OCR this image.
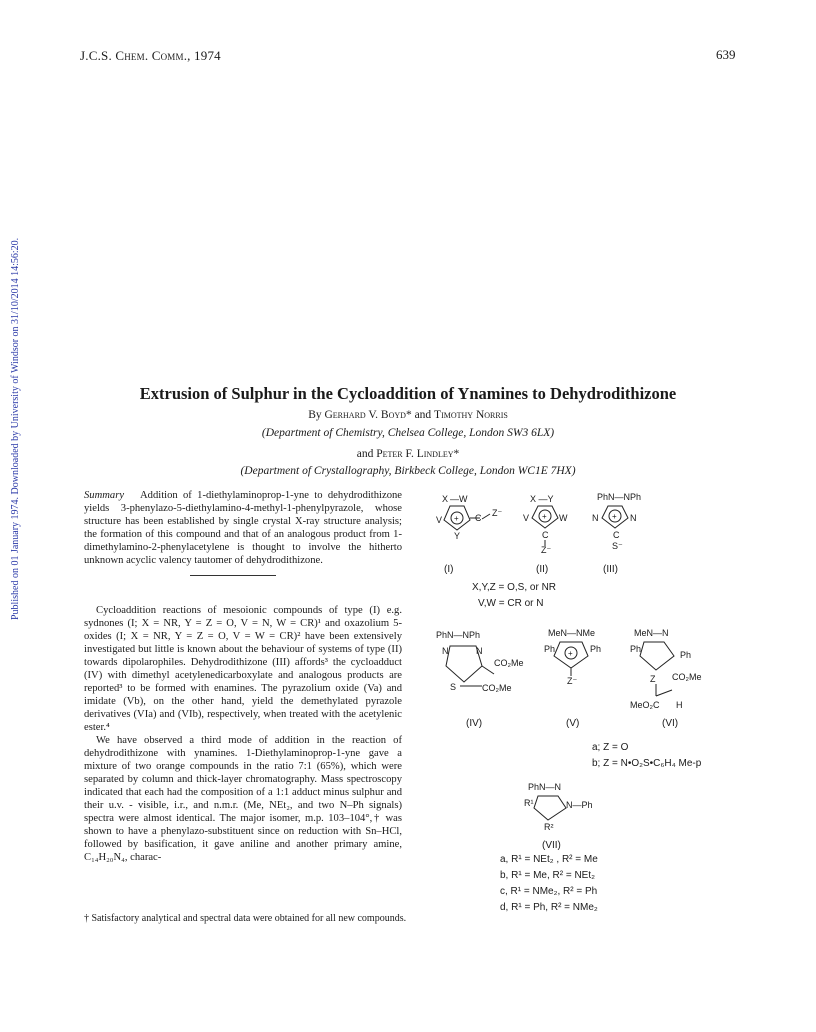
J.C.S. Chem. Comm., 1974	639
Published on 01 January 1974. Downloaded by University of Windsor on 31/10/2014 14:56:20.	Extrusion of Sulphur in the Cycloaddition of Ynamines to Dehydrodithizone
By Gerhard V. Boyd* and Timothy Norris
(Department of Chemistry, Chelsea College, London SW3 6LX)
and Peter F. Lindley*
(Department of Crystallography, Birkbeck College, London WC1E 7HX)

Summary Addition of 1-diethylaminoprop-1-yne to dehydrodithizone yields 3-phenylazo-5-diethylamino-4-methyl-1-phenylpyrazole, whose structure has been established by single crystal X-ray structure analysis; the formation of this compound and that of an analogous product from 1-dimethylamino-2-phenylacetylene is thought to involve the hitherto unknown acyclic valency tautomer of dehydrodithizone.

Cycloaddition reactions of mesoionic compounds of type (I) e.g. sydnones (I; X = NR, Y = Z = O, V = N, W = CR)¹ and oxazolium 5-oxides (I; X = NR, Y = Z = O, V = W = CR)² have been extensively investigated but little is known about the behaviour of systems of type (II) towards dipolarophiles. Dehydrodithizone (III) affords³ the cycloadduct (IV) with dimethyl acetylenedicarboxylate and analogous products are reported³ to be formed with enamines. The pyrazolium oxide (Va) and imidate (Vb), on the other hand, yield the demethylated pyrazole derivatives (VIa) and (VIb), respectively, when treated with the acetylenic ester.⁴

We have observed a third mode of addition in the reaction of dehydrodithizone with ynamines. 1-Diethylaminoprop-1-yne gave a mixture of two orange compounds in the ratio 7:1 (65%), which were separated by column and thick-layer chromatography. Mass spectroscopy indicated that each had the composition of a 1:1 adduct minus sulphur and their u.v. - visible, i.r., and n.m.r. (Me, NEt₂, and two N–Ph signals) spectra were almost identical. The major isomer, m.p. 103–104°,† was shown to have a phenylazo-substituent since on reduction with Sn–HCl, followed by basification, it gave aniline and another primary amine, C₁₄H₂₀N₄, charac-

† Satisfactory analytical and spectral data were obtained for all new compounds.
+
X —W
V
Y
C Z⁻	+
X —Y
V	W
C
Z⁻
PhN—NPh
+
N	N
C
S⁻
(I)	(II)	(III)
X,Y,Z = O,S, or NR
V,W = CR or N
PhN—NPh
N	N
CO₂Me
S	CO₂Me
MeN—NMe
Ph	Ph
+
Z⁻
MeN—N
Ph
Ph
Z CO₂Me
MeO₂C H
(IV)	(V)	(VI)
a; Z = O
b; Z = N•O₂S•C₆H₄ Me-p
PhN—N
R¹	N—Ph
R²
(VII)
a, R¹ = NEt₂ , R² = Me
b, R¹ = Me, R² = NEt₂
c, R¹ = NMe₂, R² = Ph
d, R¹ = Ph, R² = NMe₂
